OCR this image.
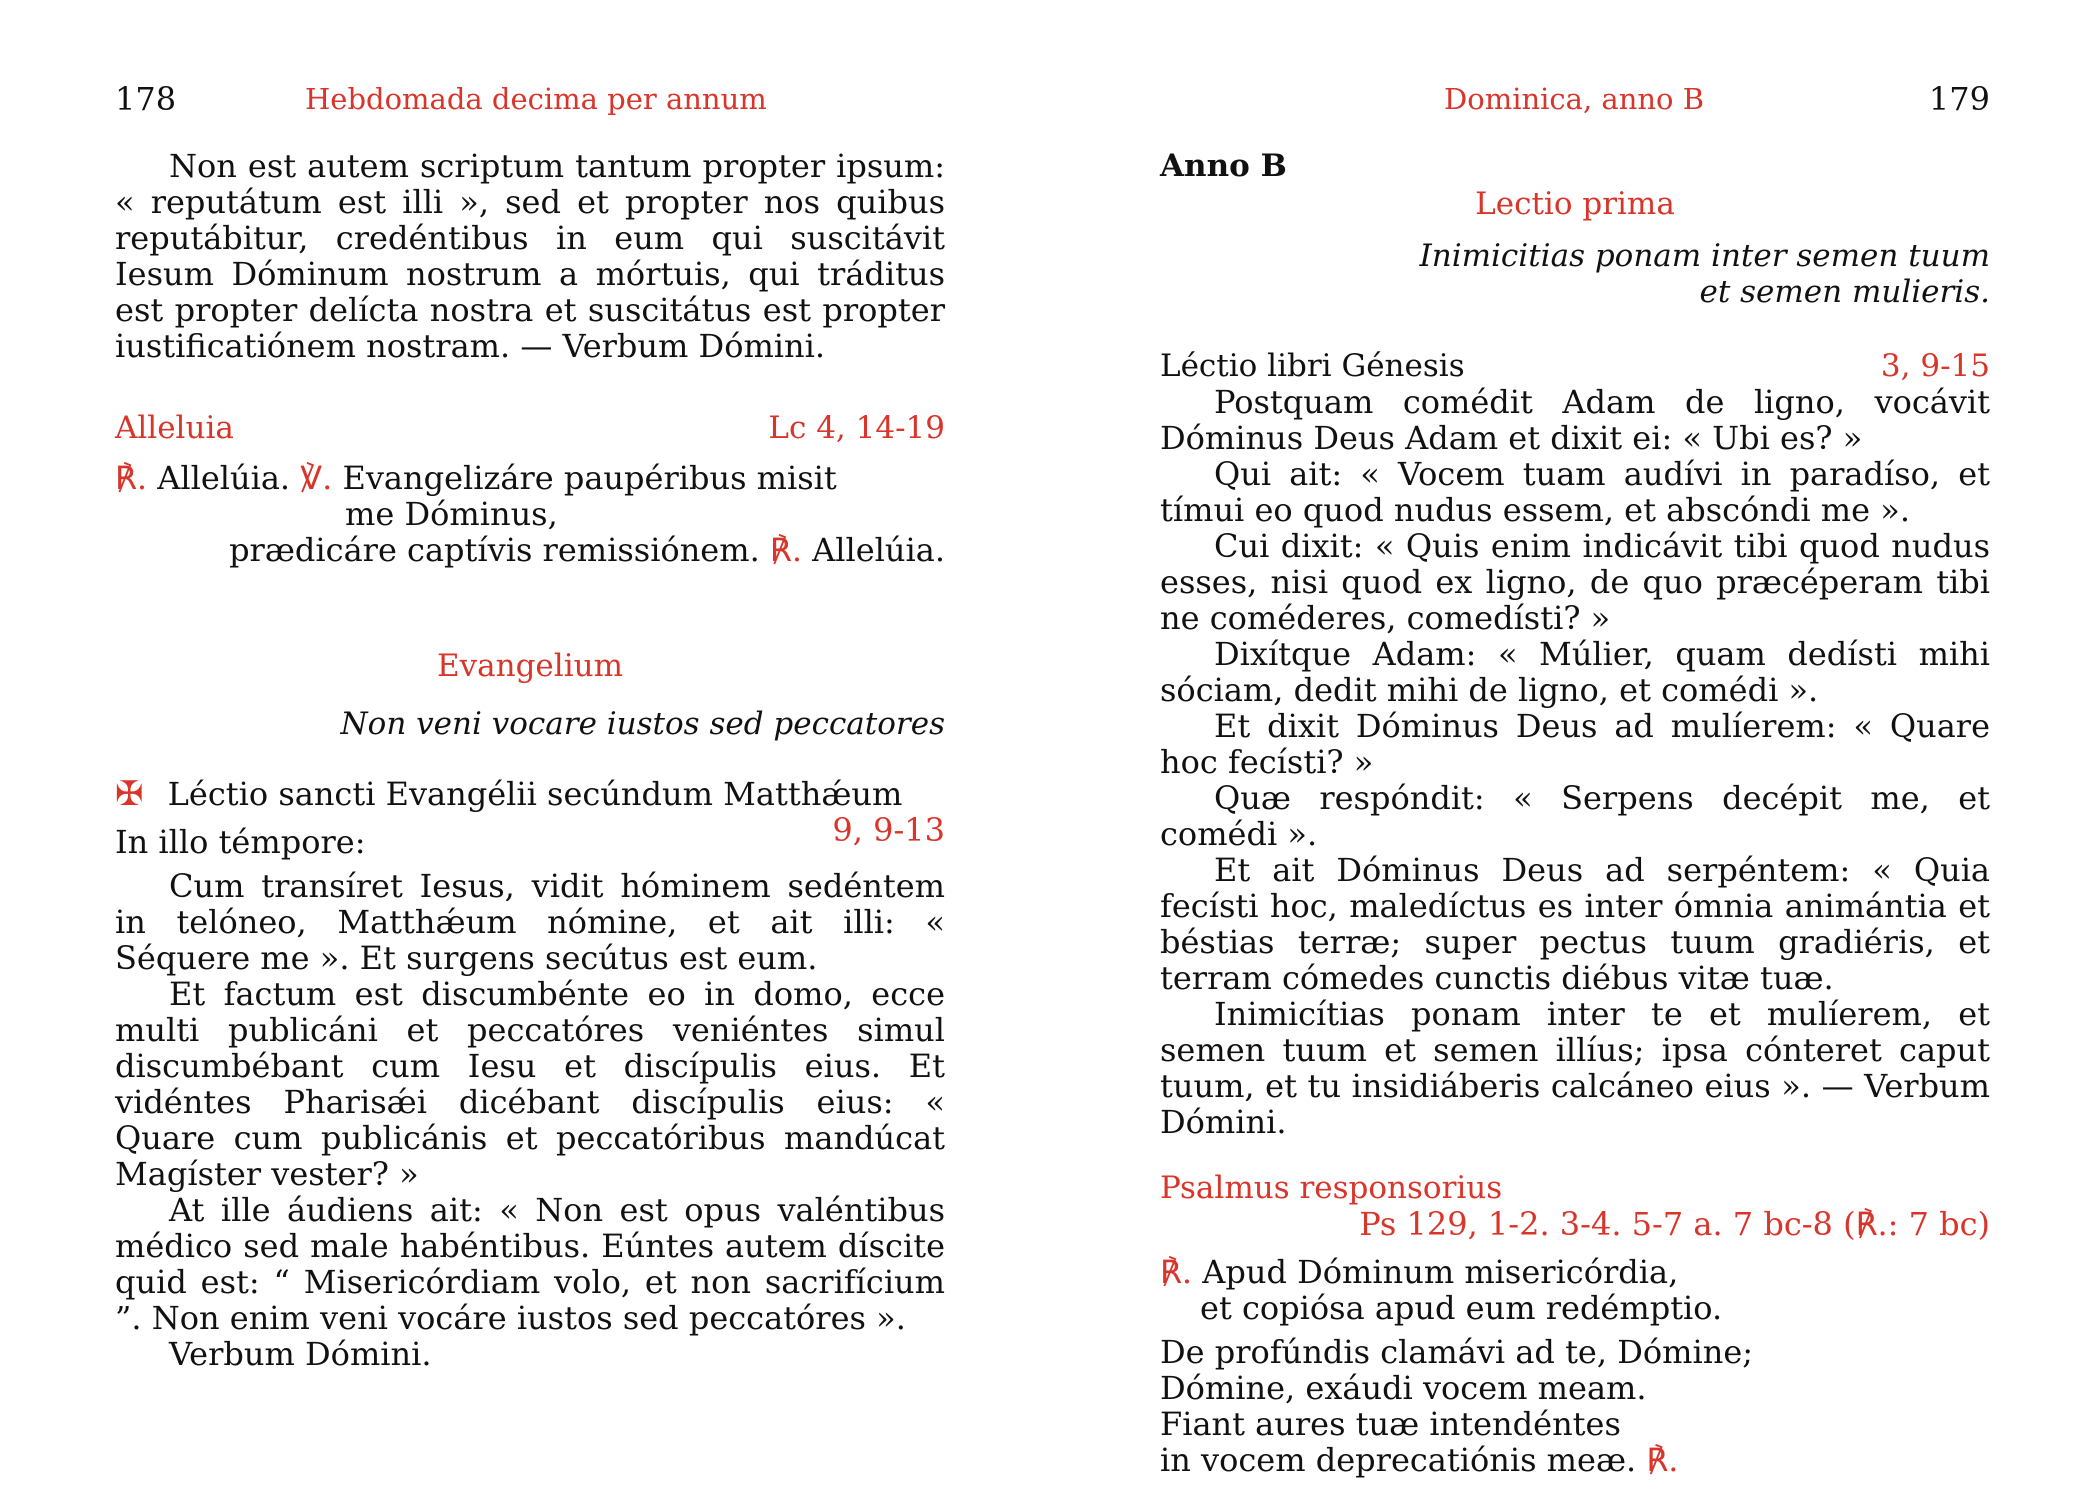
178	Hebdomada decima per annum

Non est autem scriptum tantum propter ipsum: « reputátum est illi », sed et propter nos quibus reputábitur, credéntibus in eum qui suscitávit Iesum Dóminum nostrum a mórtuis, qui tráditus est propter delícta nostra et suscitátus est propter iustificatiónem nostram. — Verbum Dómini.

Alleluia	Lc 4, 14-19
℟. Allelúia. ℣. Evangelizáre paupéribus misit
me Dóminus,
prædicáre captívis remissiónem. ℟. Allelúia.
Evangelium
Non veni vocare iustos sed peccatores
✠ Léctio sancti Evangélii secúndum Matthǽum
In illo témpore:	9, 9-13

Cum transíret Iesus, vidit hóminem sedéntem in telóneo, Matthǽum nómine, et ait illi: « Séquere me ». Et surgens secútus est eum.

Et factum est discumbénte eo in domo, ecce multi publicáni et peccatóres veniéntes simul discumbébant cum Iesu et discípulis eius. Et vidéntes Pharisǽi dicébant discípulis eius: « Quare cum publicánis et peccatóribus mandúcat Magíster vester? »

At ille áudiens ait: « Non est opus valéntibus médico sed male habéntibus. Eúntes autem díscite quid est: “ Misericórdiam volo, et non sacrifícium ”. Non enim veni vocáre iustos sed peccatóres ».

Verbum Dómini.

Dominica, anno B	179
Anno B
Lectio prima
Inimicitias ponam inter semen tuum
et semen mulieris.
Léctio libri Génesis	3, 9-15

Postquam comédit Adam de ligno, vocávit Dóminus Deus Adam et dixit ei: « Ubi es? »

Qui ait: « Vocem tuam audívi in paradíso, et tímui eo quod nudus essem, et abscóndi me ».

Cui dixit: « Quis enim indicávit tibi quod nudus esses, nisi quod ex ligno, de quo præcéperam tibi ne coméderes, comedísti? »

Dixítque Adam: « Múlier, quam dedísti mihi sóciam, dedit mihi de ligno, et comédi ».

Et dixit Dóminus Deus ad mulíerem: « Quare hoc fecísti? »

Quæ respóndit: « Serpens decépit me, et comédi ».

Et ait Dóminus Deus ad serpéntem: « Quia fecísti hoc, maledíctus es inter ómnia animántia et béstias terræ; super pectus tuum gradiéris, et terram cómedes cunctis diébus vitæ tuæ.

Inimicítias ponam inter te et mulíerem, et semen tuum et semen illíus; ipsa cónteret caput tuum, et tu insidiáberis calcáneo eius ». — Verbum Dómini.

Psalmus responsorius
Ps 129, 1-2. 3-4. 5-7 a. 7 bc-8 (℟.: 7 bc)
℟. Apud Dóminum misericórdia,
et copiósa apud eum redémptio.
De profúndis clamávi ad te, Dómine;
Dómine, exáudi vocem meam.
Fiant aures tuæ intendéntes
in vocem deprecatiónis meæ. ℟.
